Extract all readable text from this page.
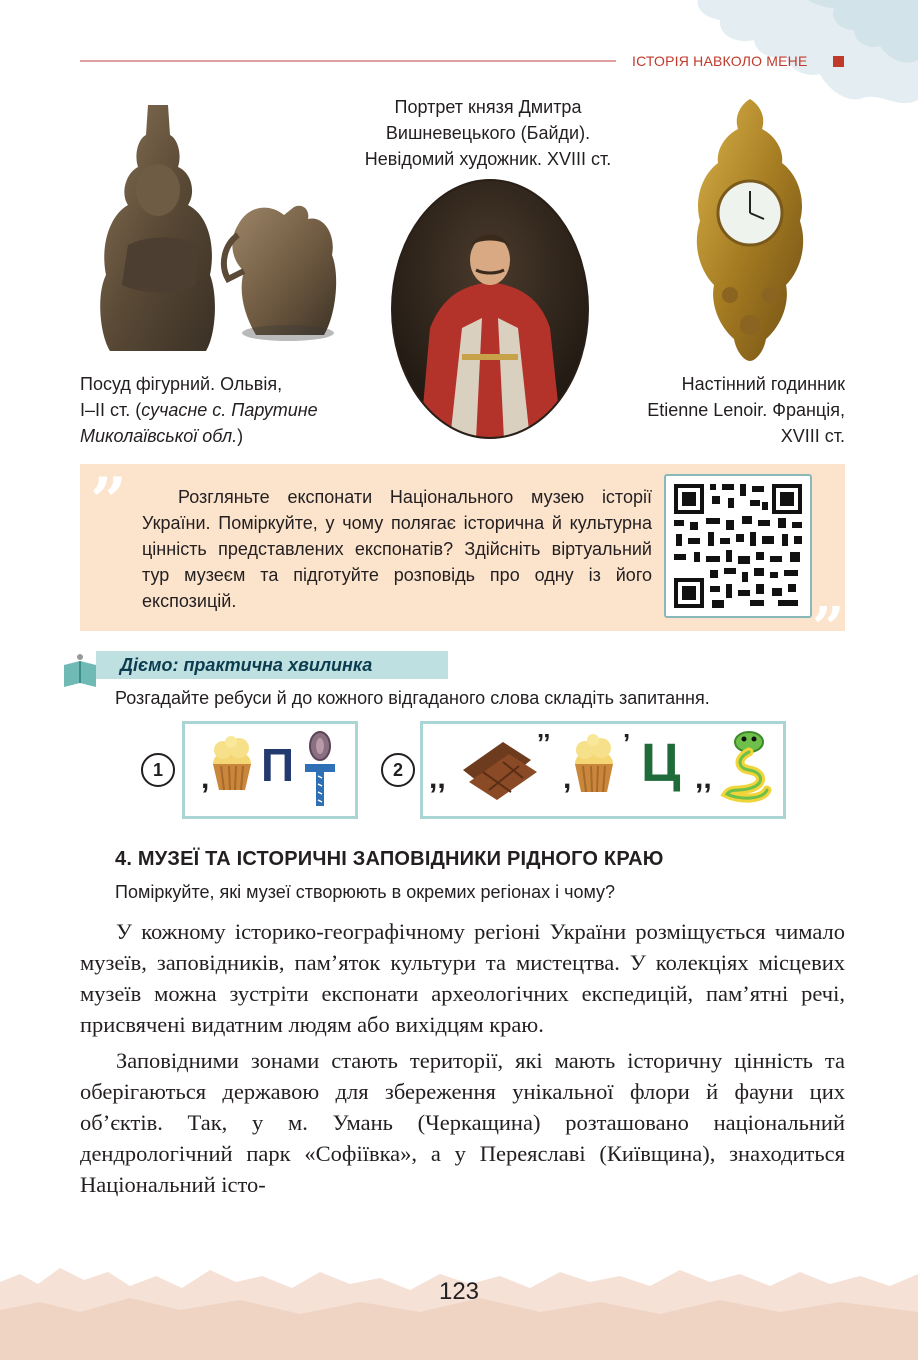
ІСТОРІЯ НАВКОЛО МЕНЕ
Портрет князя Дмитра
Вишневецького (Байди).
Невідомий художник. XVIII ст.
Посуд фігурний. Ольвія,
I–II ст. (сучасне с. Парутине
Миколаївської обл.)
Настінний годинник
Etienne Lenoir. Франція,
XVIII ст.
”
”
Розгляньте експонати Національного музею історії України. Поміркуйте, у чому полягає історична й культурна цінність представлених експонатів? Здійсніть віртуальний тур музеєм та підготуйте розповідь про одну із його експозицій.
Діємо: практична хвилинка
Розгадайте ребуси й до кожного відгаданого слова складіть запитання.
1	, П	2 ,,
’’
,
’ Ц ,,
4. МУЗЕЇ ТА ІСТОРИЧНІ ЗАПОВІДНИКИ РІДНОГО КРАЮ
Поміркуйте, які музеї створюють в окремих регіонах і чому?

У кожному історико-географічному регіоні України розміщується чимало музеїв, заповідників, пам’яток культури та мистецтва. У колекціях місцевих музеїв можна зустріти експонати археологічних експедицій, пам’ятні речі, присвячені видатним людям або вихідцям краю.

Заповідними зонами стають території, які мають історичну цінність та оберігаються державою для збереження унікальної флори й фауни цих об’єктів. Так, у м. Умань (Черкащина) розташовано національний дендрологічний парк «Софіївка», а у Переяславі (Київщина), знаходиться Національний істо-

123
